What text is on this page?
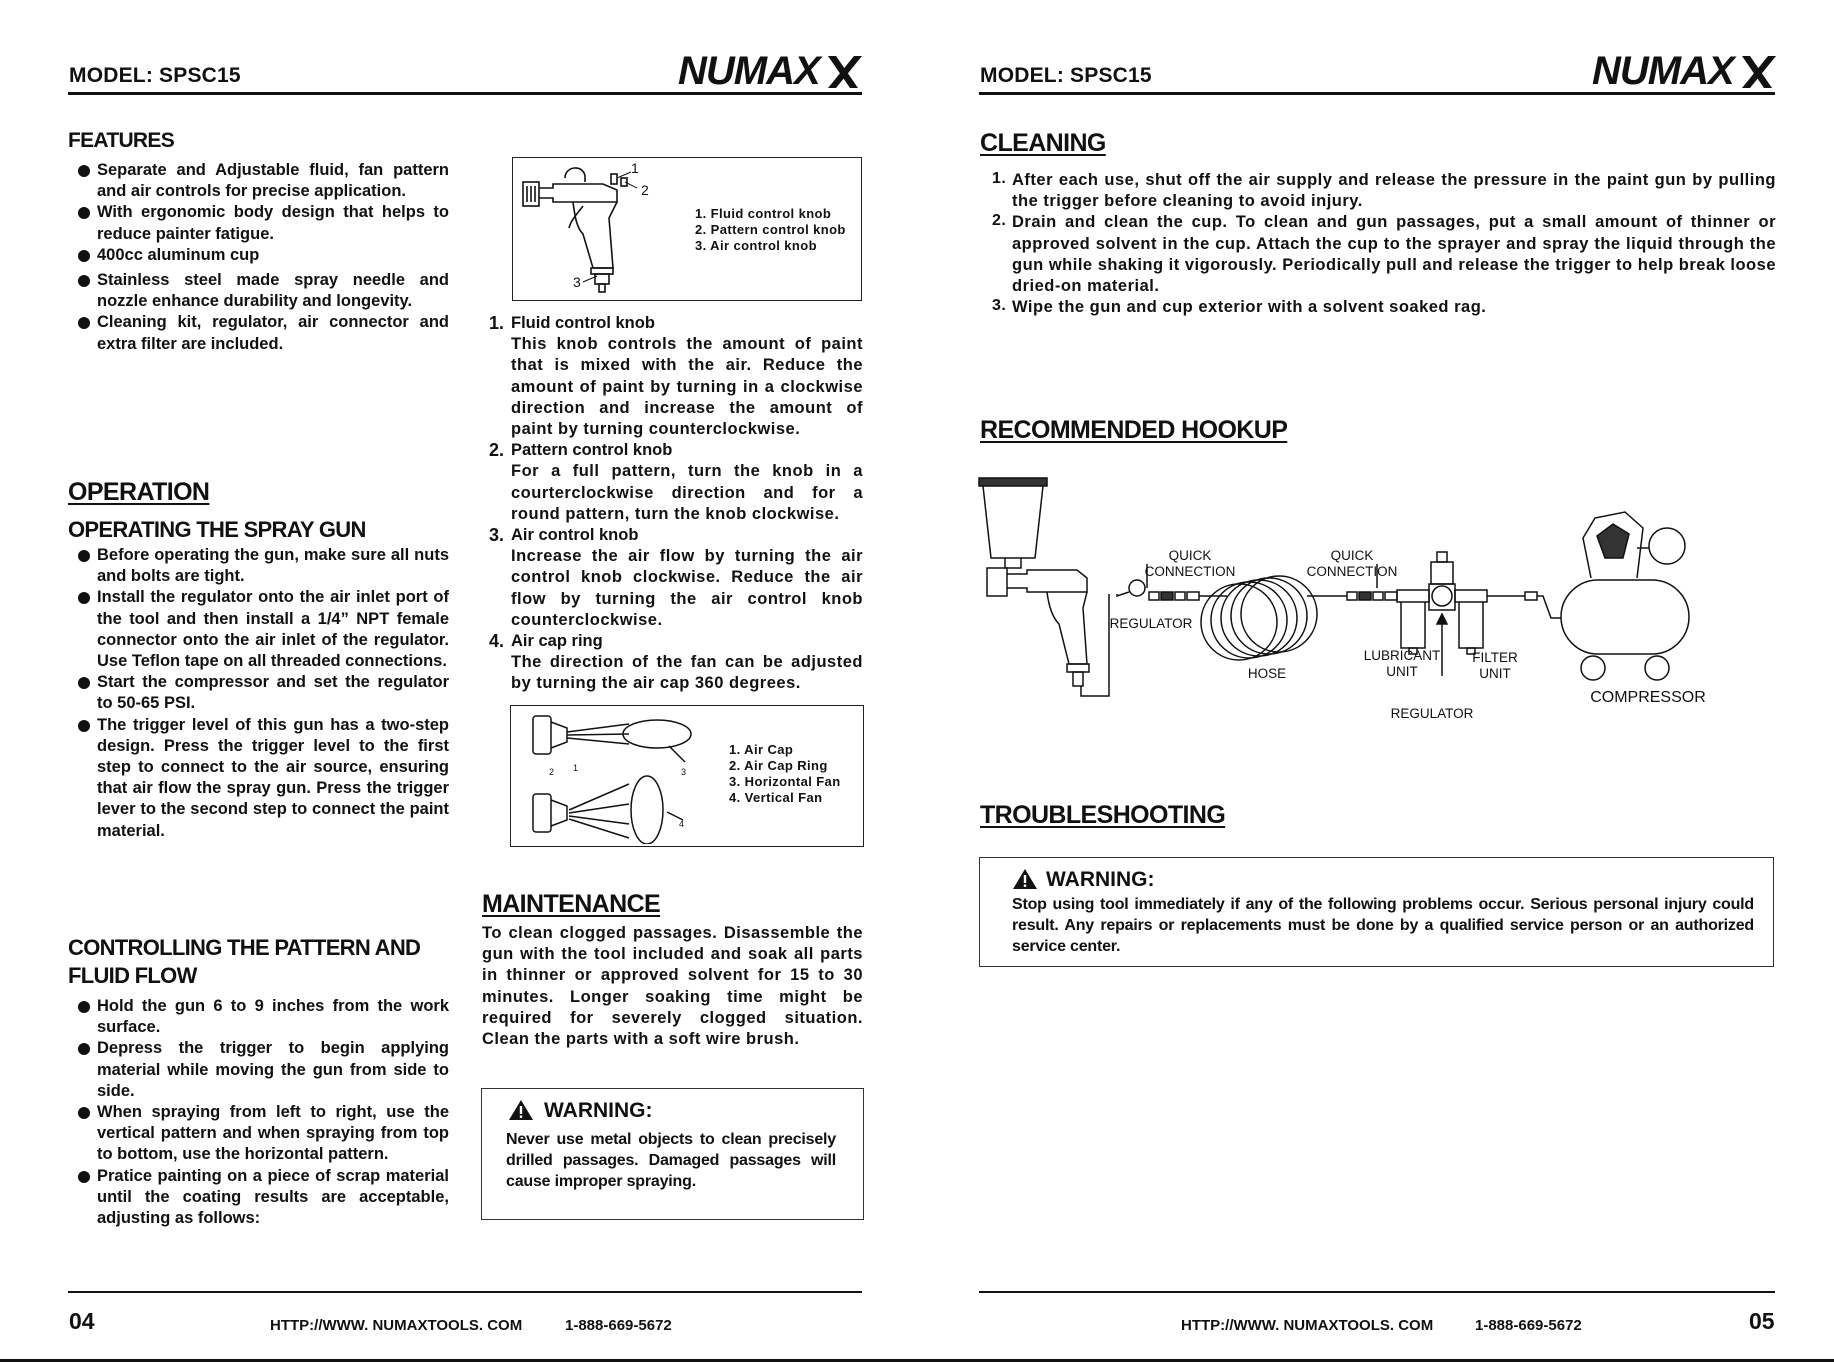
MODEL: SPSC15	NUMAX
FEATURES
Separate and Adjustable fluid, fan pattern and air controls for precise application.
With ergonomic body design that helps to reduce painter fatigue.
400cc aluminum cup
Stainless steel made spray needle and nozzle enhance durability and longevity.
Cleaning kit, regulator, air connector and extra filter are included.
1
2
3
1. Fluid control knob
2. Pattern control knob
3. Air control knob
1. Fluid control knob
This knob controls the amount of paint that is mixed with the air. Reduce the amount of paint by turning in a clockwise direction and increase the amount of paint by turning counterclockwise.
2. Pattern control knob
For a full pattern, turn the knob in a courterclockwise direction and for a round pattern, turn the knob clockwise.
3. Air control knob
Increase the air flow by turning the air control knob clockwise. Reduce the air flow by turning the air control knob counterclockwise.
4. Air cap ring
The direction of the fan can be adjusted by turning the air cap 360 degrees.
2 1	3
4
1. Air Cap
2. Air Cap Ring
3. Horizontal Fan
4. Vertical Fan
OPERATION
OPERATING THE SPRAY GUN
Before operating the gun, make sure all nuts and bolts are tight.
Install the regulator onto the air inlet port of the tool and then install a 1/4” NPT female connector onto the air inlet of the regulator. Use Teflon tape on all threaded connections.
Start the compressor and set the regulator to 50-65 PSI.
The trigger level of this gun has a two-step design. Press the trigger level to the first step to connect to the air source, ensuring that air flow the spray gun. Press the trigger lever to the second step to connect the paint material.
CONTROLLING THE PATTERN AND
FLUID FLOW
Hold the gun 6 to 9 inches from the work surface.
Depress the trigger to begin applying material while moving the gun from side to side.
When spraying from left to right, use the vertical pattern and when spraying from top to bottom, use the horizontal pattern.
Pratice painting on a piece of scrap material until the coating results are acceptable, adjusting as follows:
MAINTENANCE
To clean clogged passages. Disassemble the gun with the tool included and soak all parts in thinner or approved solvent for 15 to 30 minutes. Longer soaking time might be required for severely clogged situation. Clean the parts with a soft wire brush.
WARNING:
Never use metal objects to clean precisely drilled passages. Damaged passages will cause improper spraying.
04	HTTP://WWW. NUMAXTOOLS. COM	1-888-669-5672
MODEL: SPSC15	NUMAX
CLEANING
1. After each use, shut off the air supply and release the pressure in the paint gun by pulling the trigger before cleaning to avoid injury.
2. Drain and clean the cup. To clean and gun passages, put a small amount of thinner or approved solvent in the cup. Attach the cup to the sprayer and spray the liquid through the gun while shaking it vigorously. Periodically pull and release the trigger to help break loose dried-on material.
3. Wipe the gun and cup exterior with a solvent soaked rag.
RECOMMENDED HOOKUP
QUICK
CONNECTION
QUICK
CONNECTION
REGULATOR
HOSE
LUBRICANT
UNIT
FILTER
UNIT
REGULATOR
COMPRESSOR
TROUBLESHOOTING
WARNING:
Stop using tool immediately if any of the following problems occur. Serious personal injury could result. Any repairs or replacements must be done by a qualified service person or an authorized service center.
HTTP://WWW. NUMAXTOOLS. COM	1-888-669-5672	05
